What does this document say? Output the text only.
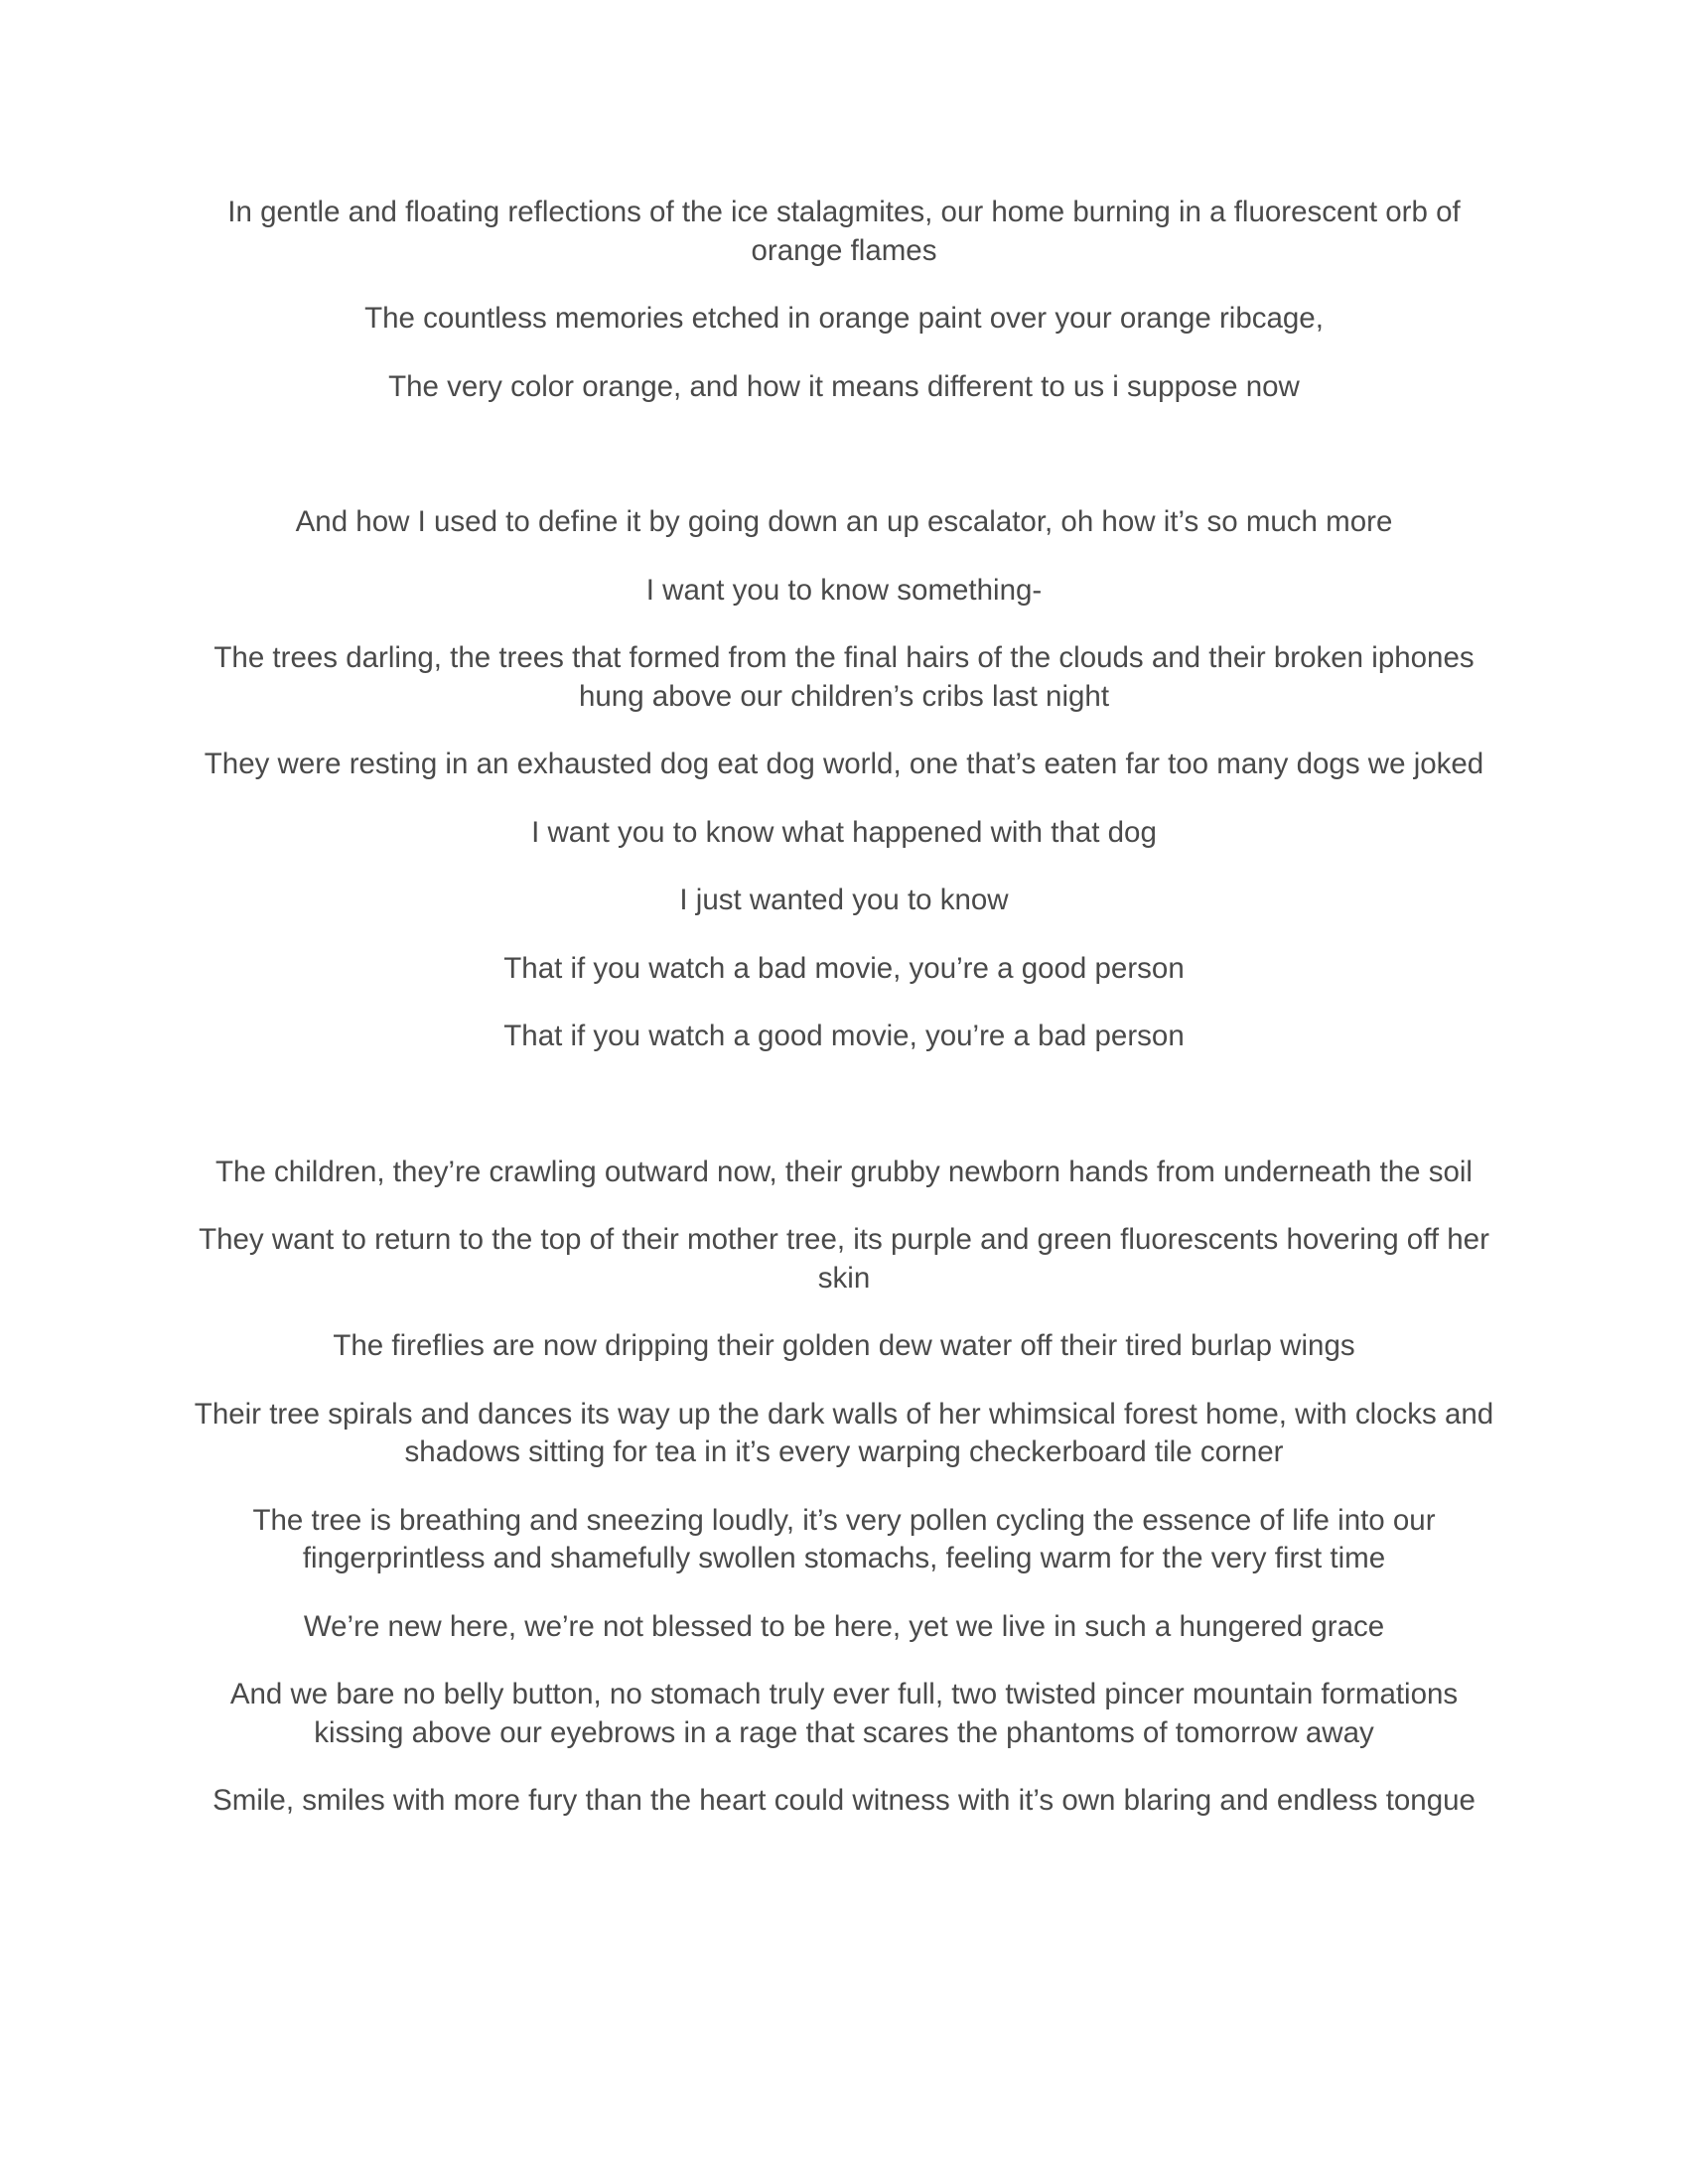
In gentle and floating reflections of the ice stalagmites, our home burning in a fluorescent orb of orange flames

The countless memories etched in orange paint over your orange ribcage,

The very color orange, and how it means different to us i suppose now

And how I used to define it by going down an up escalator, oh how it’s so much more

I want you to know something-

The trees darling, the trees that formed from the final hairs of the clouds and their broken iphones hung above our children’s cribs last night

They were resting in an exhausted dog eat dog world, one that’s eaten far too many dogs we joked

I want you to know what happened with that dog

I just wanted you to know

That if you watch a bad movie, you’re a good person

That if you watch a good movie, you’re a bad person

The children, they’re crawling outward now, their grubby newborn hands from underneath the soil

They want to return to the top of their mother tree, its purple and green fluorescents hovering off her skin

The fireflies are now dripping their golden dew water off their tired burlap wings

Their tree spirals and dances its way up the dark walls of her whimsical forest home, with clocks and shadows sitting for tea in it’s every warping checkerboard tile corner

The tree is breathing and sneezing loudly, it’s very pollen cycling the essence of life into our fingerprintless and shamefully swollen stomachs, feeling warm for the very first time

We’re new here, we’re not blessed to be here, yet we live in such a hungered grace

And we bare no belly button, no stomach truly ever full, two twisted pincer mountain formations kissing above our eyebrows in a rage that scares the phantoms of tomorrow away

Smile, smiles with more fury than the heart could witness with it’s own blaring and endless tongue
